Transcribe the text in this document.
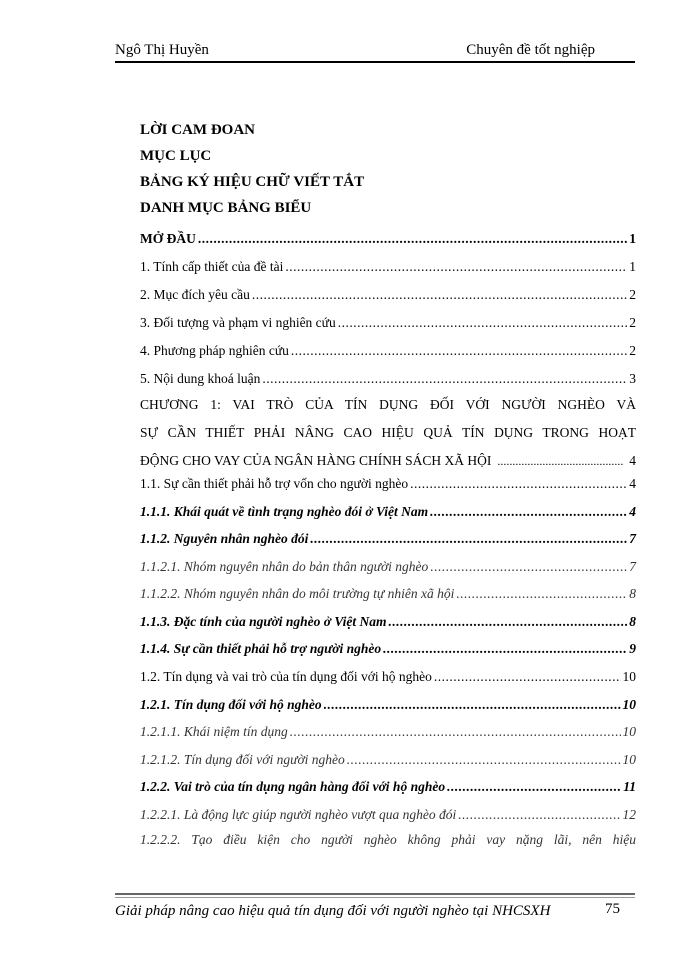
Ngô Thị Huyền	Chuyên đề tốt nghiệp
LỜI CAM ĐOAN
MỤC LỤC
BẢNG KÝ HIỆU CHỮ VIẾT TẮT
DANH MỤC BẢNG BIỂU
MỞ ĐẦU .....	1
1. Tính cấp thiết của đề tài .....	1
2. Mục đích yêu cầu .....	2
3. Đối tượng và phạm vi nghiên cứu .....	2
4. Phương pháp nghiên cứu .....	2
5. Nội dung khoá luận .....	3
CHƯƠNG 1: VAI TRÒ CỦA TÍN DỤNG ĐỐI VỚI NGƯỜI NGHÈO VÀ
SỰ CẦN THIẾT PHẢI NÂNG CAO HIỆU QUẢ TÍN DỤNG TRONG HOẠT
ĐỘNG CHO VAY CỦA NGÂN HÀNG CHÍNH SÁCH XÃ HỘI .....	4
1.1. Sự cần thiết phải hỗ trợ vốn cho người nghèo .....	4
1.1.1. Khái quát về tình trạng nghèo đói ở Việt Nam .....	4
1.1.2. Nguyên nhân nghèo đói .....	7
1.1.2.1. Nhóm nguyên nhân do bản thân người nghèo .....	7
1.1.2.2. Nhóm nguyên nhân do môi trường tự nhiên xã hội .....	8
1.1.3. Đặc tính của người nghèo ở Việt Nam .....	8
1.1.4. Sự cần thiết phải hỗ trợ người nghèo .....	9
1.2. Tín dụng và vai trò của tín dụng đối với hộ nghèo .....	10
1.2.1. Tín dụng đối với hộ nghèo .....	10
1.2.1.1. Khái niệm tín dụng .....	10
1.2.1.2. Tín dụng đối với người nghèo .....	10
1.2.2. Vai trò của tín dụng ngân hàng đối với hộ nghèo .....	11
1.2.2.1. Là động lực giúp người nghèo vượt qua nghèo đói .....	12
1.2.2.2. Tạo điều kiện cho người nghèo không phải vay nặng lãi, nên hiệu
Giải pháp nâng cao hiệu quả tín dụng đối với người nghèo tại NHCSXH	75
